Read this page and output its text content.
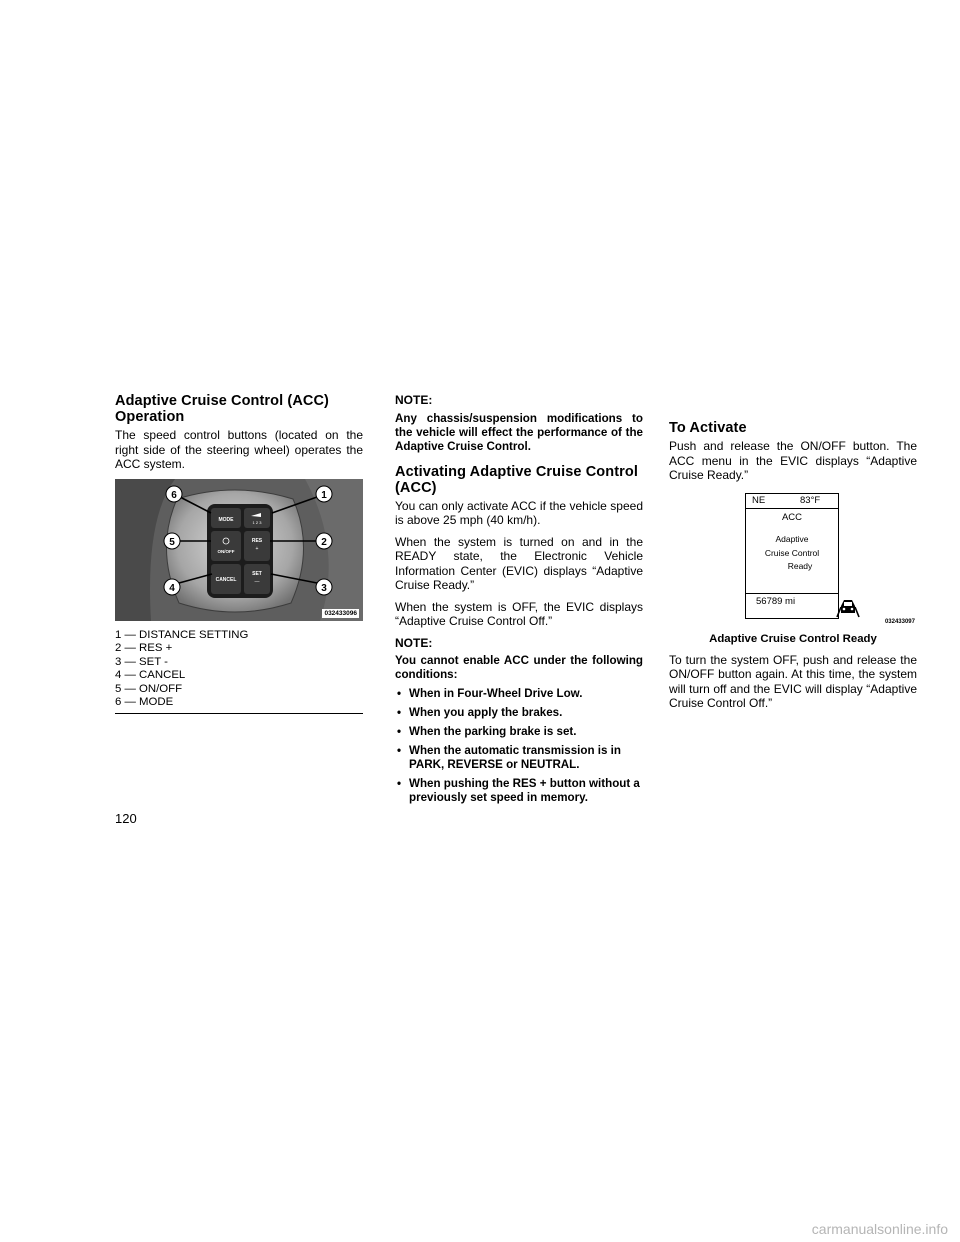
Adaptive Cruise Control (ACC)
Operation

The speed control buttons (located on the right side of the steering wheel) operates the ACC system.

MODE	1 2 3
ON/OFF
RES
+
CANCEL
SET
—
6	1
5	2
4	3
032433096
1 — DISTANCE SETTING
2 — RES +
3 — SET -
4 — CANCEL
5 — ON/OFF
6 — MODE

NOTE:

Any chassis/suspension modifications to the vehicle will effect the performance of the Adaptive Cruise Control.

Activating Adaptive Cruise Control
(ACC)

You can only activate ACC if the vehicle speed is above 25 mph (40 km/h).

When the system is turned on and in the READY state, the Electronic Vehicle Information Center (EVIC) displays “Adaptive Cruise Ready.”

When the system is OFF, the EVIC displays “Adaptive Cruise Control Off.”

NOTE:

You cannot enable ACC under the following conditions:

• When in Four-Wheel Drive Low.
• When you apply the brakes.
• When the parking brake is set.
• When the automatic transmission is in PARK, REVERSE or NEUTRAL.
• When pushing the RES + button without a previously set speed in memory.
To Activate

Push and release the ON/OFF button. The ACC menu in the EVIC displays “Adaptive Cruise Ready.”

NE	83°F
ACC
Adaptive
Cruise Control
Ready
56789 mi
032433097
Adaptive Cruise Control Ready

To turn the system OFF, push and release the ON/OFF button again. At this time, the system will turn off and the EVIC will display “Adaptive Cruise Control Off.”

120
carmanualsonline.info
